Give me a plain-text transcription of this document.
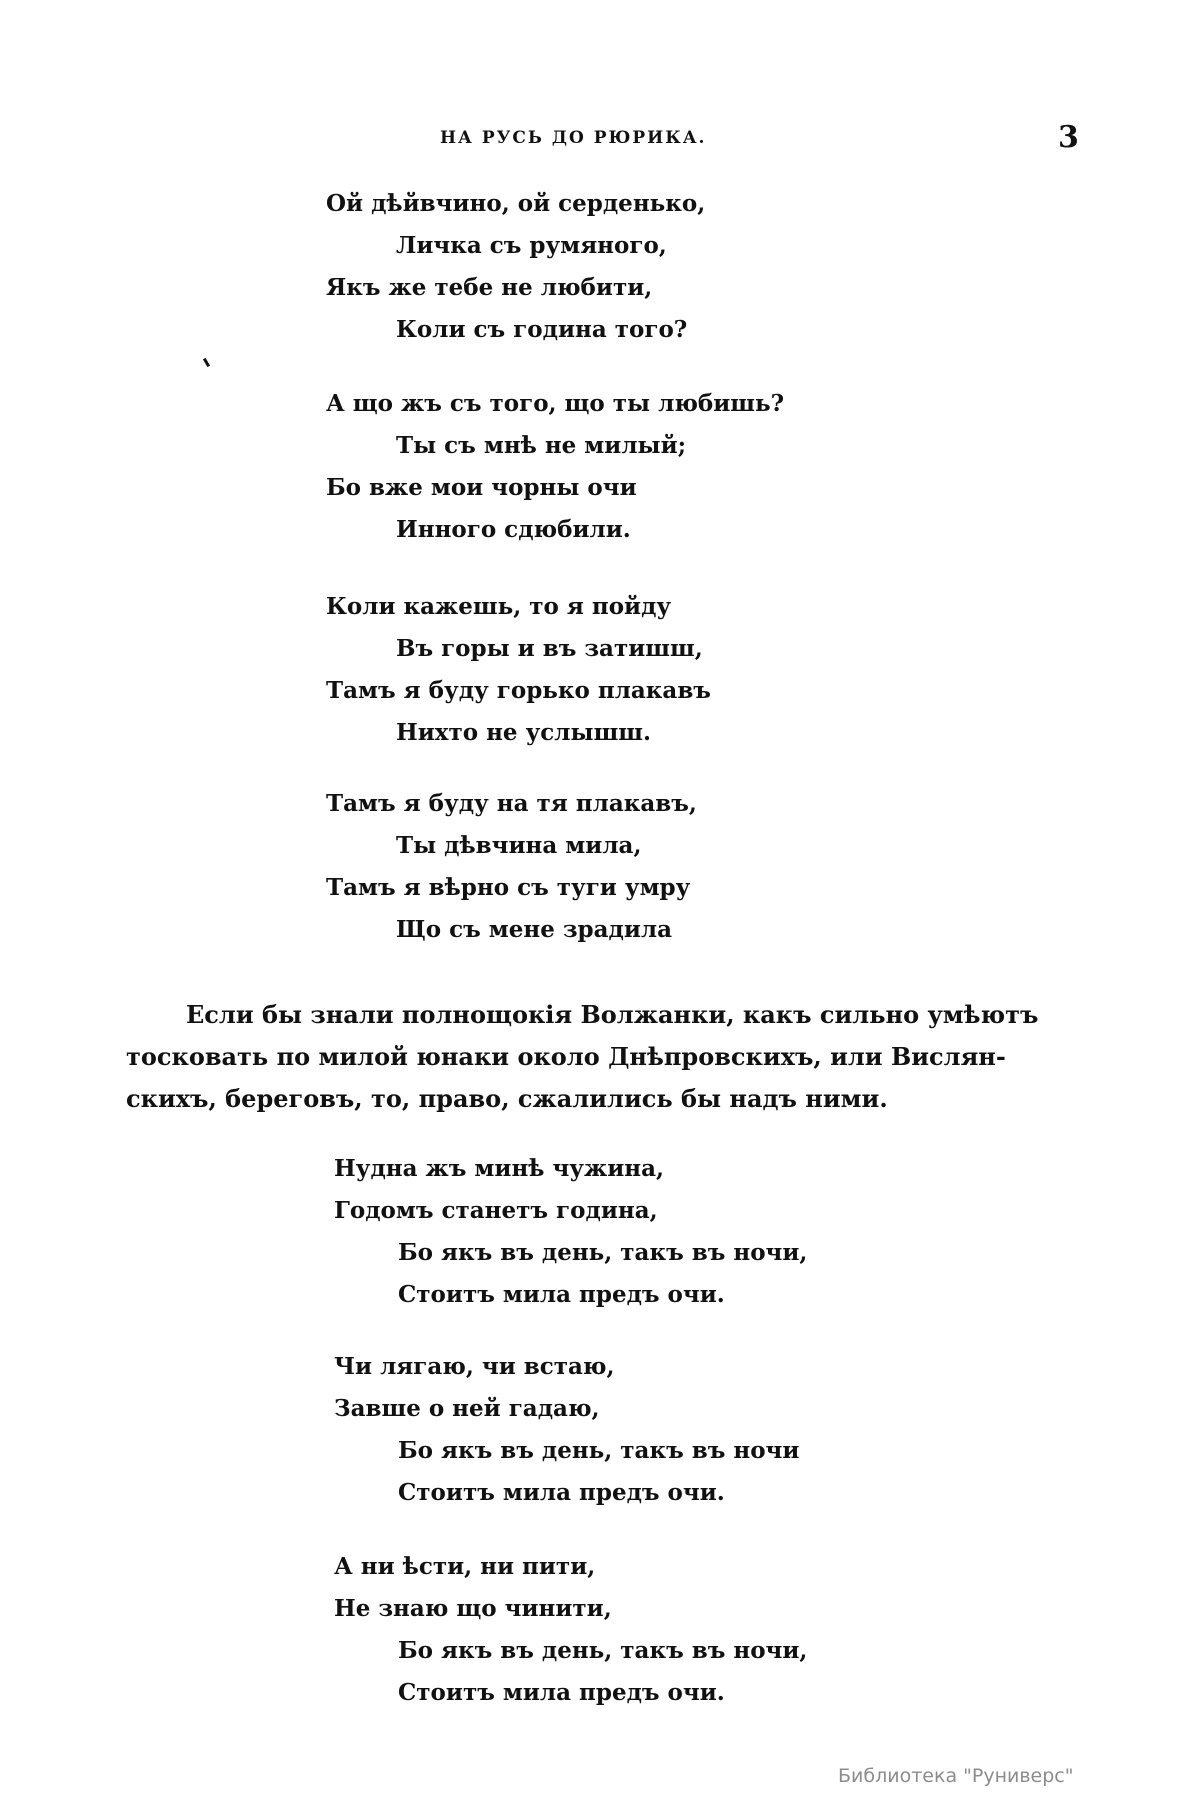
НА РУСЬ ДО РЮРИКА.	3
Ой дѣйвчино, ой серденько,
Личка съ румяного,
Якъ же тебе не любити,
Коли съ година того?
А що жъ съ того, що ты любишь?
Ты съ мнѣ не милый;
Бо вже мои чорны очи
Инного сдюбили.
Коли кажешь, то я пойду
Въ горы и въ затишш,
Тамъ я буду горько плакавъ
Нихто не услышш.
Тамъ я буду на тя плакавъ,
Ты дѣвчина мила,
Тамъ я вѣрно съ туги умру
Що съ мене зрадила
Если бы знали полнощокія Волжанки, какъ сильно умѣютъ
тосковать по милой юнаки около Днѣпровскихъ, или Вислян-
скихъ, береговъ, то, право, сжалились бы надъ ними.
Нудна жъ минѣ чужина,
Годомъ станетъ година,
Бо якъ въ день, такъ въ ночи,
Стоитъ мила предъ очи.
Чи лягаю, чи встаю,
Завше о ней гадаю,
Бо якъ въ день, такъ въ ночи
Стоитъ мила предъ очи.
А ни ѣсти, ни пити,
Не знаю що чинити,
Бо якъ въ день, такъ въ ночи,
Стоитъ мила предъ очи.
Библиотека "Руниверс"
